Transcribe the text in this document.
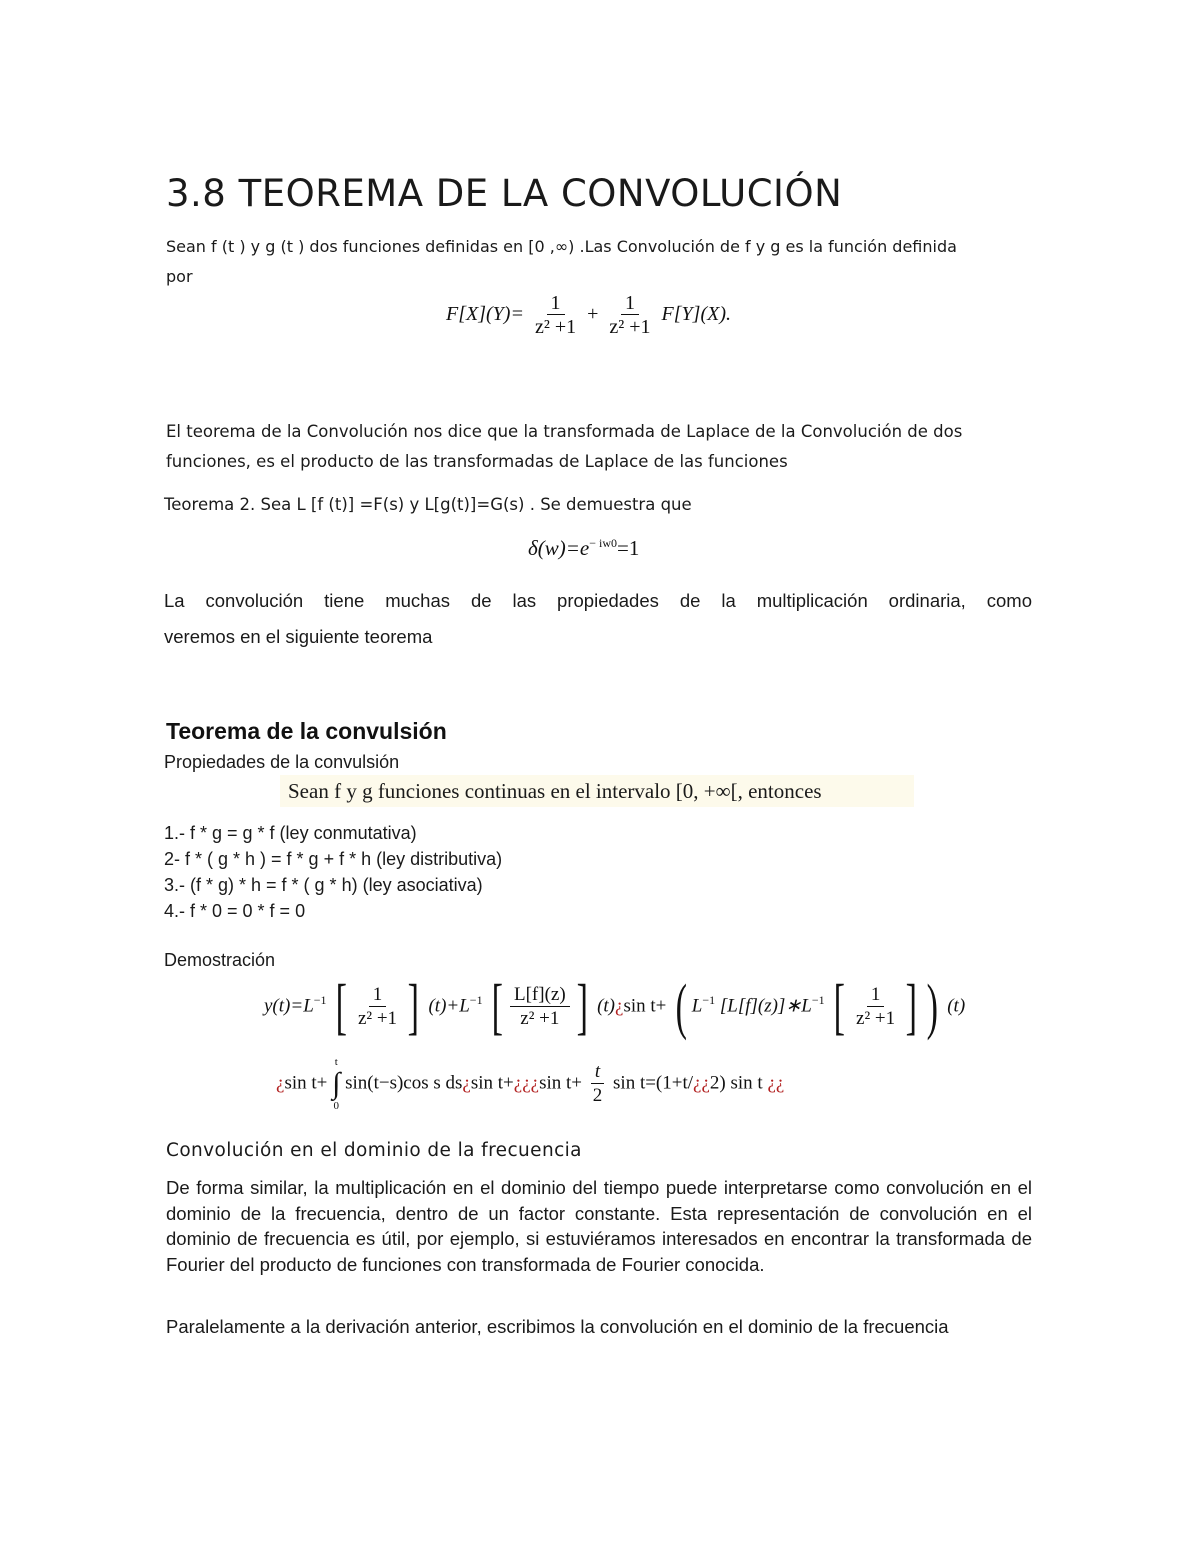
3.8 TEOREMA DE LA CONVOLUCIÓN
Sean f (t ) y g (t ) dos funciones definidas en [0 ,∞) .Las Convolución de f y g es la función definida
por
$F[X](Y)= \frac{1}{\text{z² +1}} + \frac{1}{\text{z² +1}} F[Y](X)$.
El teorema de la Convolución nos dice que la transformada de Laplace de la Convolución de dos
funciones, es el producto de las transformadas de Laplace de las funciones
Teorema 2. Sea L [f (t)] =F(s) y L[g(t)]=G(s) . Se demuestra que
$\delta(w)=e^{- iw0}=1$
La convolución tiene muchas de las propiedades de la multiplicación ordinaria, como
veremos en el siguiente teorema
Teorema de la convulsión
Propiedades de la convulsión
Sean f y g funciones continuas en el intervalo [0, +∞[, entonces
1.- f * g = g * f (ley conmutativa)
2- f * ( g * h ) = f * g + f * h (ley distributiva)
3.- (f * g) * h = f * ( g * h) (ley asociativa)
4.- f * 0 = 0 * f = 0
Demostración
$y(t)=L^{-1}$ [ $\frac{1}{\text{z² +1}}$ ] $(t)+L^{-1}$ [ $\frac{L[f](z)}{\text{z² +1}}$ ] (t)¿sin t+ ( $L^{-1}$ $[L[f](z)]∗L^{-1}$ [ $\frac{1}{\text{z² +1}}$ ] ) (t)
¿sin t+
t
∫
0
sin(t−s)cos s ds¿sin t+¿¿¿sin $t+ \frac{t}{2}$ sin t=(1+t/¿¿2) sin t ¿¿
Convolución en el dominio de la frecuencia
De forma similar, la multiplicación en el dominio del tiempo puede interpretarse como convolución en el dominio de la frecuencia, dentro de un factor constante. Esta representación de convolución en el dominio de frecuencia es útil, por ejemplo, si estuviéramos interesados en encontrar la transformada de Fourier del producto de funciones con transformada de Fourier conocida.
Paralelamente a la derivación anterior, escribimos la convolución en el dominio de la frecuencia
